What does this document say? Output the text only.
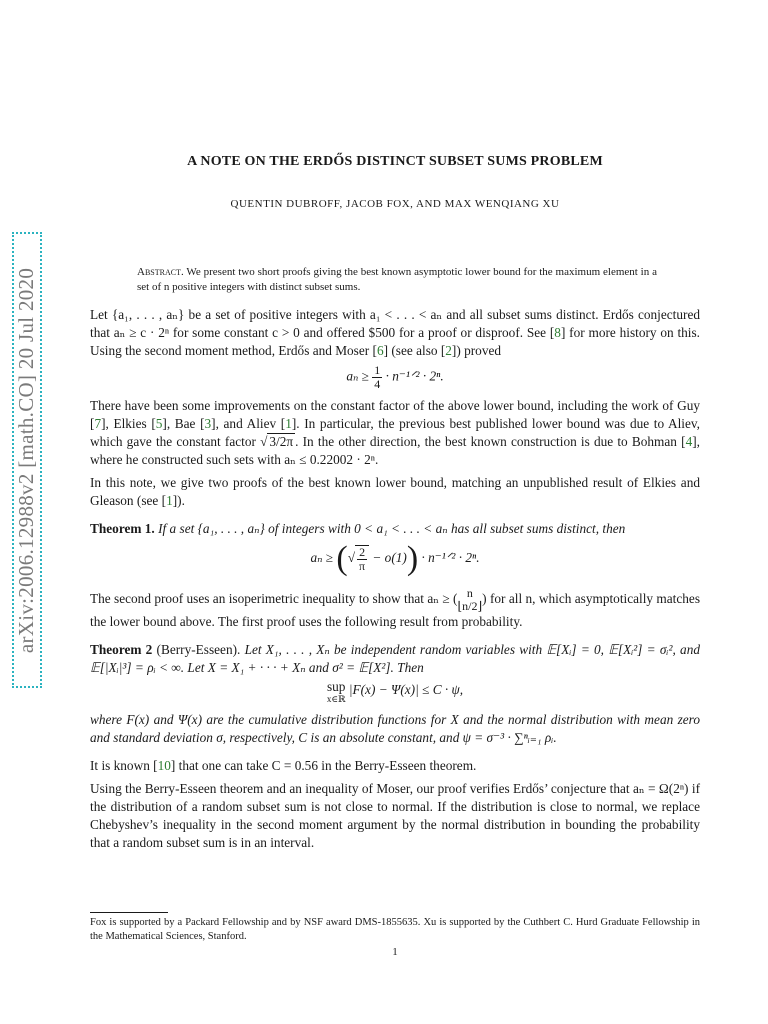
arXiv:2006.12988v2 [math.CO] 20 Jul 2020
A NOTE ON THE ERDŐS DISTINCT SUBSET SUMS PROBLEM
QUENTIN DUBROFF, JACOB FOX, AND MAX WENQIANG XU
Abstract. We present two short proofs giving the best known asymptotic lower bound for the maximum element in a set of n positive integers with distinct subset sums.

Let {a₁, . . . , aₙ} be a set of positive integers with a₁ < . . . < aₙ and all subset sums distinct. Erdős conjectured that aₙ ≥ c · 2ⁿ for some constant c > 0 and offered $500 for a proof or disproof. See [8] for more history on this. Using the second moment method, Erdős and Moser [6] (see also [2]) proved

$a_n \ge \frac{1}{4}$ · n⁻¹ᐟ² · 2ⁿ.

There have been some improvements on the constant factor of the above lower bound, including the work of Guy [7], Elkies [5], Bae [3], and Aliev [1]. In particular, the previous best published lower bound was due to Aliev, which gave the constant factor √ 3/2π . In the other direction, the best known construction is due to Bohman [4], where he constructed such sets with aₙ ≤ 0.22002 · 2ⁿ.

In this note, we give two proofs of the best known lower bound, matching an unpublished result of Elkies and Gleason (see [1]).

Theorem 1. If a set {a₁, . . . , aₙ} of integers with 0 < a₁ < . . . < aₙ has all subset sums distinct, then

aₙ ≥ (√ $\frac{2}{\pi} - o(1)$) · n⁻¹ᐟ² · 2ⁿ.

The second proof uses an isoperimetric inequality to show that aₙ ≥ ( n
⌊n/2⌋ ) for all n, which asymptotically matches the lower bound above. The first proof uses the following result from probability.

Theorem 2 (Berry-Esseen). Let X₁, . . . , Xₙ be independent random variables with 𝔼[Xᵢ] = 0, 𝔼[Xᵢ²] = σᵢ², and 𝔼[|Xᵢ|³] = ρᵢ < ∞. Let X = X₁ + · · · + Xₙ and σ² = 𝔼[X²]. Then

sup
x∈ℝ
|F(x) − Ψ(x)| ≤ C · ψ,

where F(x) and Ψ(x) are the cumulative distribution functions for X and the normal distribution with mean zero and standard deviation σ, respectively, C is an absolute constant, and ψ = σ⁻³ · ∑ⁿᵢ₌₁ ρᵢ.

It is known [10] that one can take C = 0.56 in the Berry-Esseen theorem.

Using the Berry-Esseen theorem and an inequality of Moser, our proof verifies Erdős’ conjecture that aₙ = Ω(2ⁿ) if the distribution of a random subset sum is not close to normal. If the distribution is close to normal, we replace Chebyshev’s inequality in the second moment argument by the normal distribution in bounding the probability that a random subset sum is in an interval.

Fox is supported by a Packard Fellowship and by NSF award DMS-1855635. Xu is supported by the Cuthbert C. Hurd Graduate Fellowship in the Mathematical Sciences, Stanford.
1
